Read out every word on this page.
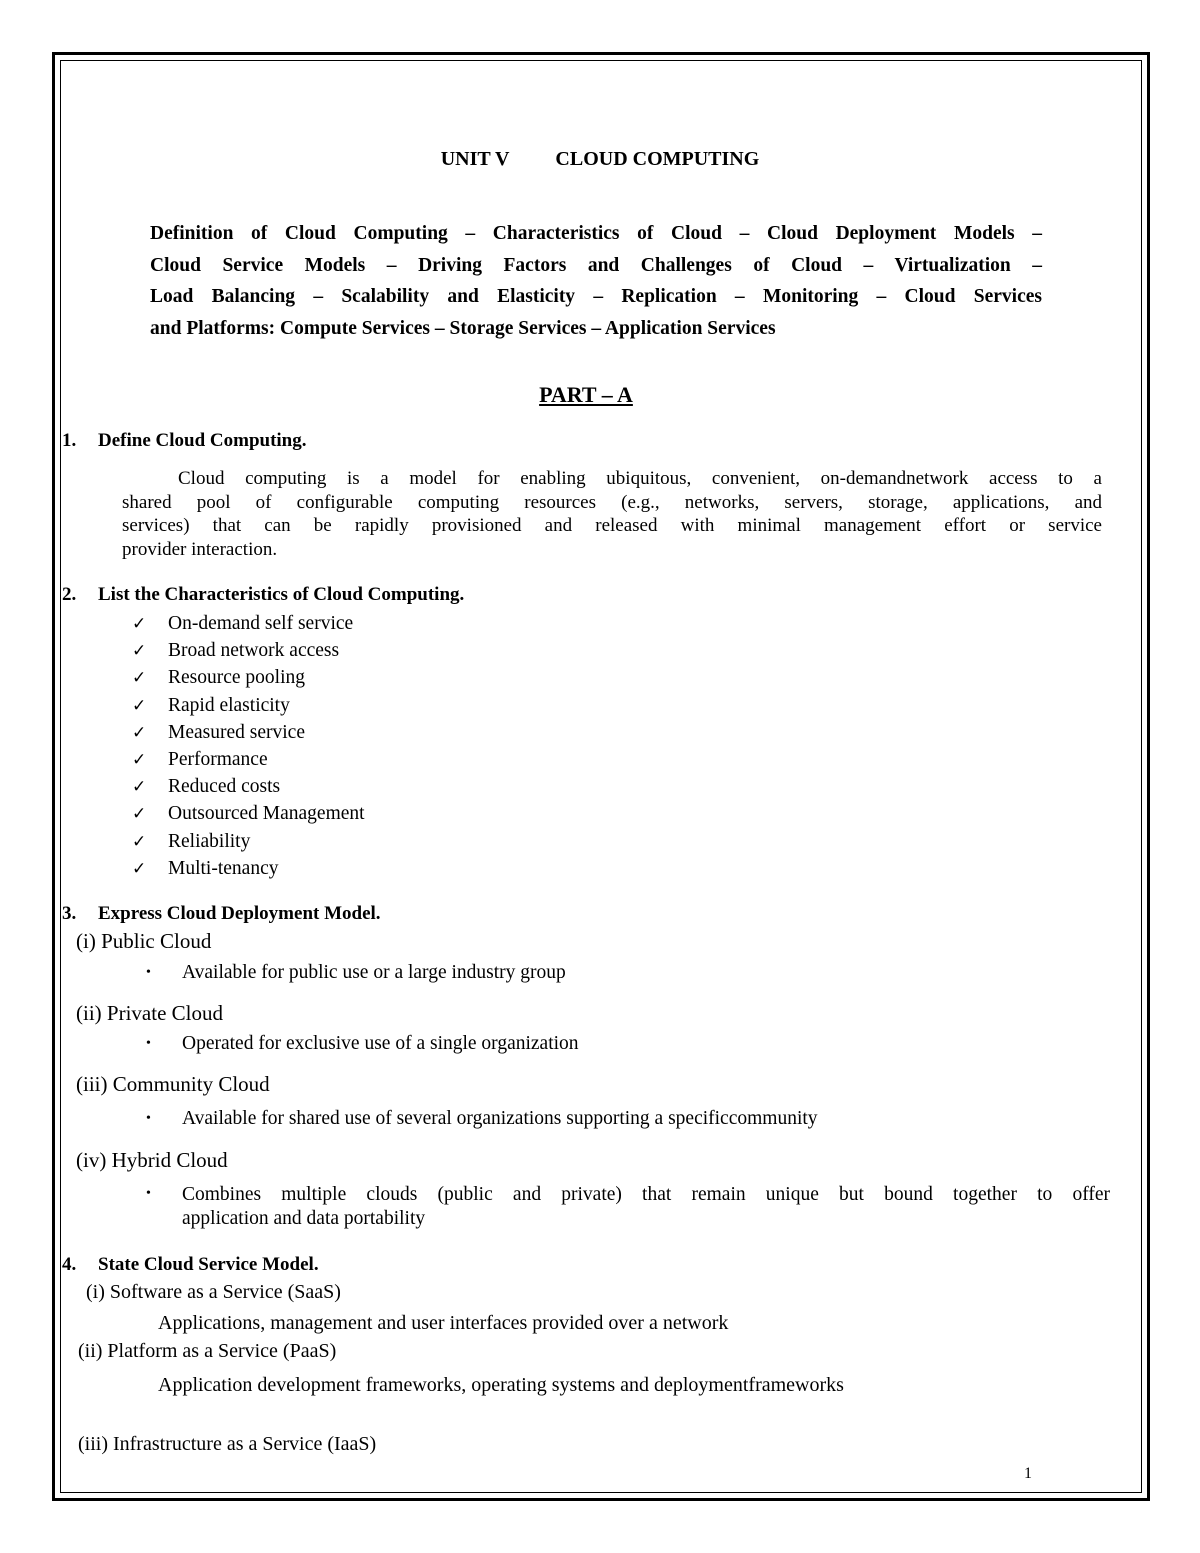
UNIT V CLOUD COMPUTING
Definition of Cloud Computing – Characteristics of Cloud – Cloud Deployment Models –
Cloud Service Models – Driving Factors and Challenges of Cloud – Virtualization –
Load Balancing – Scalability and Elasticity – Replication – Monitoring – Cloud Services
and Platforms: Compute Services – Storage Services – Application Services
PART – A
1. Define Cloud Computing.
Cloud computing is a model for enabling ubiquitous, convenient, on-demandnetwork access to a
shared pool of configurable computing resources (e.g., networks, servers, storage, applications, and
services) that can be rapidly provisioned and released with minimal management effort or service
provider interaction.
2. List the Characteristics of Cloud Computing.
✓ On-demand self service
✓ Broad network access
✓ Resource pooling
✓ Rapid elasticity
✓ Measured service
✓ Performance
✓ Reduced costs
✓ Outsourced Management
✓ Reliability
✓ Multi-tenancy
3. Express Cloud Deployment Model.
(i) Public Cloud
• Available for public use or a large industry group
(ii) Private Cloud
• Operated for exclusive use of a single organization
(iii) Community Cloud
• Available for shared use of several organizations supporting a specificcommunity
(iv) Hybrid Cloud
• Combines multiple clouds (public and private) that remain unique but bound together to offer
application and data portability
4. State Cloud Service Model.
(i) Software as a Service (SaaS)
Applications, management and user interfaces provided over a network
(ii) Platform as a Service (PaaS)
Application development frameworks, operating systems and deploymentframeworks
(iii) Infrastructure as a Service (IaaS)
1
